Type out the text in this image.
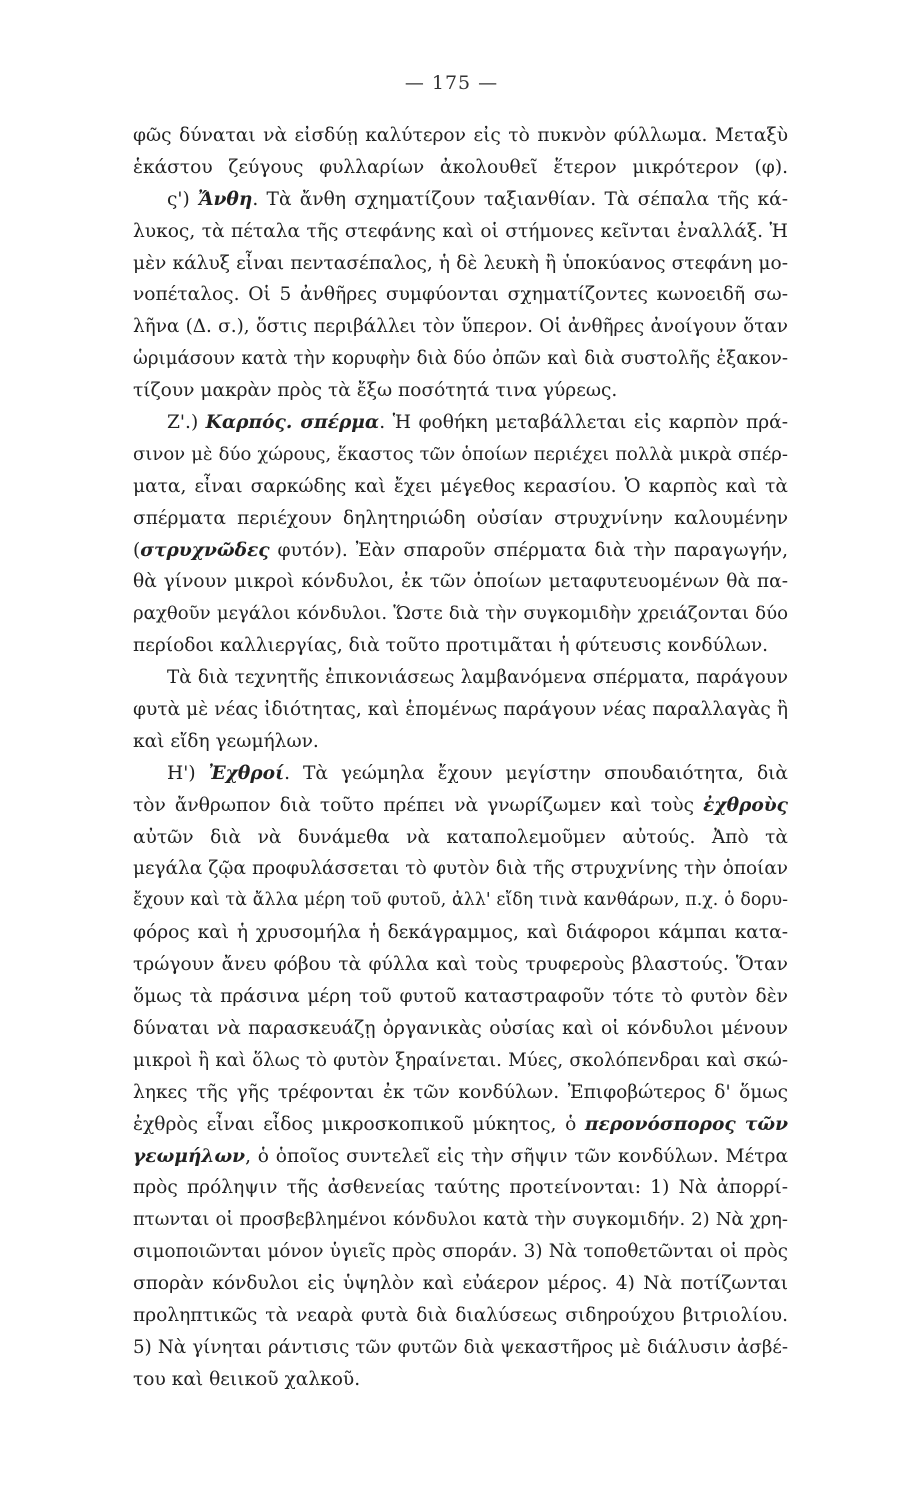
— 175 —
φῶς δύναται νὰ εἰσδύῃ καλύτερον εἰς τὸ πυκνὸν φύλλωμα. Μεταξὺ
ἑκάστου ζεύγους φυλλαρίων ἀκολουθεῖ ἕτερον μικρότερον (φ).
ς') Ἄνθη. Τὰ ἄνθη σχηματίζουν ταξιανθίαν. Τὰ σέπαλα τῆς κά-
λυκος, τὰ πέταλα τῆς στεφάνης καὶ οἱ στήμονες κεῖνται ἐναλλάξ. Ἡ
μὲν κάλυξ εἶναι πεντασέπαλος, ἡ δὲ λευκὴ ἢ ὑποκύανος στεφάνη μο-
νοπέταλος. Οἱ 5 ἀνθῆρες συμφύονται σχηματίζοντες κωνοειδῆ σω-
λῆνα (Δ. σ.), ὅστις περιβάλλει τὸν ὕπερον. Οἱ ἀνθῆρες ἀνοίγουν ὅταν
ὡριμάσουν κατὰ τὴν κορυφὴν διὰ δύο ὀπῶν καὶ διὰ συστολῆς ἐξακον-
τίζουν μακρὰν πρὸς τὰ ἔξω ποσότητά τινα γύρεως.
Ζ'.) Καρπός. σπέρμα. Ἡ φοθήκη μεταβάλλεται εἰς καρπὸν πρά-
σινον μὲ δύο χώρους, ἕκαστος τῶν ὁποίων περιέχει πολλὰ μικρὰ σπέρ-
ματα, εἶναι σαρκώδης καὶ ἔχει μέγεθος κερασίου. Ὁ καρπὸς καὶ τὰ
σπέρματα περιέχουν δηλητηριώδη οὐσίαν στρυχνίνην καλουμένην
(στρυχνῶδες φυτόν). Ἐὰν σπαροῦν σπέρματα διὰ τὴν παραγωγήν,
θὰ γίνουν μικροὶ κόνδυλοι, ἐκ τῶν ὁποίων μεταφυτευομένων θὰ πα-
ραχθοῦν μεγάλοι κόνδυλοι. Ὥστε διὰ τὴν συγκομιδὴν χρειάζονται δύο
περίοδοι καλλιεργίας, διὰ τοῦτο προτιμᾶται ἡ φύτευσις κονδύλων.
Τὰ διὰ τεχνητῆς ἐπικονιάσεως λαμβανόμενα σπέρματα, παράγουν
φυτὰ μὲ νέας ἰδιότητας, καὶ ἑπομένως παράγουν νέας παραλλαγὰς ἢ
καὶ εἴδη γεωμήλων.
Η') Ἐχθροί. Τὰ γεώμηλα ἔχουν μεγίστην σπουδαιότητα, διὰ
τὸν ἄνθρωπον διὰ τοῦτο πρέπει νὰ γνωρίζωμεν καὶ τοὺς ἐχθροὺς
αὐτῶν διὰ νὰ δυνάμεθα νὰ καταπολεμοῦμεν αὐτούς. Ἀπὸ τὰ
μεγάλα ζῷα προφυλάσσεται τὸ φυτὸν διὰ τῆς στρυχνίνης τὴν ὁποίαν
ἔχουν καὶ τὰ ἄλλα μέρη τοῦ φυτοῦ, ἀλλ' εἴδη τινὰ κανθάρων, π.χ. ὁ δορυ-
φόρος καὶ ἡ χρυσομήλα ἡ δεκάγραμμος, καὶ διάφοροι κάμπαι κατα-
τρώγουν ἄνευ φόβου τὰ φύλλα καὶ τοὺς τρυφεροὺς βλαστούς. Ὅταν
ὅμως τὰ πράσινα μέρη τοῦ φυτοῦ καταστραφοῦν τότε τὸ φυτὸν δὲν
δύναται νὰ παρασκευάζῃ ὀργανικὰς οὐσίας καὶ οἱ κόνδυλοι μένουν
μικροὶ ἢ καὶ ὅλως τὸ φυτὸν ξηραίνεται. Μύες, σκολόπενδραι καὶ σκώ-
ληκες τῆς γῆς τρέφονται ἐκ τῶν κονδύλων. Ἐπιφοβώτερος δ' ὅμως
ἐχθρὸς εἶναι εἶδος μικροσκοπικοῦ μύκητος, ὁ περονόσπορος τῶν
γεωμήλων, ὁ ὁποῖος συντελεῖ εἰς τὴν σῆψιν τῶν κονδύλων. Μέτρα
πρὸς πρόληψιν τῆς ἀσθενείας ταύτης προτείνονται: 1) Νὰ ἀπορρί-
πτωνται οἱ προσβεβλημένοι κόνδυλοι κατὰ τὴν συγκομιδήν. 2) Νὰ χρη-
σιμοποιῶνται μόνον ὑγιεῖς πρὸς σποράν. 3) Νὰ τοποθετῶνται οἱ πρὸς
σπορὰν κόνδυλοι εἰς ὑψηλὸν καὶ εὐάερον μέρος. 4) Νὰ ποτίζωνται
προληπτικῶς τὰ νεαρὰ φυτὰ διὰ διαλύσεως σιδηρούχου βιτριολίου.
5) Νὰ γίνηται ράντισις τῶν φυτῶν διὰ ψεκαστῆρος μὲ διάλυσιν ἀσβέ-
του καὶ θειικοῦ χαλκοῦ.
